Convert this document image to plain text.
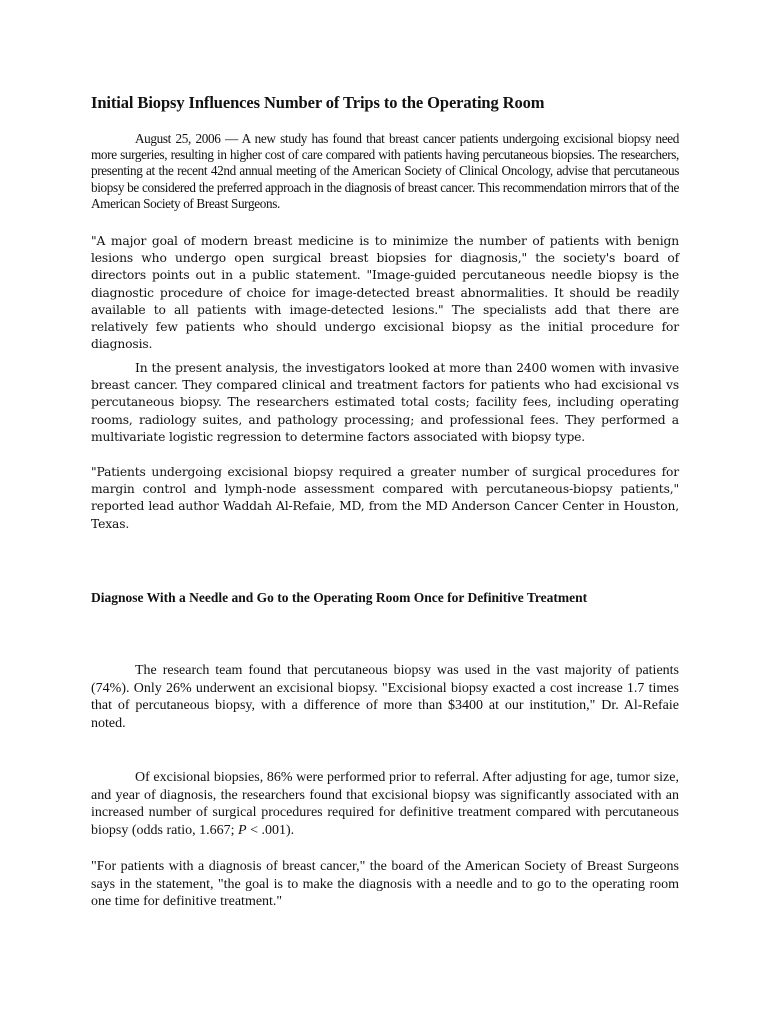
Initial Biopsy Influences Number of Trips to the Operating Room

August 25, 2006 — A new study has found that breast cancer patients undergoing excisional biopsy need more surgeries, resulting in higher cost of care compared with patients having percutaneous biopsies. The researchers, presenting at the recent 42nd annual meeting of the American Society of Clinical Oncology, advise that percutaneous biopsy be considered the preferred approach in the diagnosis of breast cancer. This recommendation mirrors that of the American Society of Breast Surgeons.

"A major goal of modern breast medicine is to minimize the number of patients with benign lesions who undergo open surgical breast biopsies for diagnosis," the society's board of directors points out in a public statement. "Image-guided percutaneous needle biopsy is the diagnostic procedure of choice for image-detected breast abnormalities. It should be readily available to all patients with image-detected lesions." The specialists add that there are relatively few patients who should undergo excisional biopsy as the initial procedure for diagnosis.

In the present analysis, the investigators looked at more than 2400 women with invasive breast cancer. They compared clinical and treatment factors for patients who had excisional vs percutaneous biopsy. The researchers estimated total costs; facility fees, including operating rooms, radiology suites, and pathology processing; and professional fees. They performed a multivariate logistic regression to determine factors associated with biopsy type.

"Patients undergoing excisional biopsy required a greater number of surgical procedures for margin control and lymph-node assessment compared with percutaneous-biopsy patients," reported lead author Waddah Al-Refaie, MD, from the MD Anderson Cancer Center in Houston, Texas.

Diagnose With a Needle and Go to the Operating Room Once for Definitive Treatment

The research team found that percutaneous biopsy was used in the vast majority of patients (74%). Only 26% underwent an excisional biopsy. "Excisional biopsy exacted a cost increase 1.7 times that of percutaneous biopsy, with a difference of more than $3400 at our institution," Dr. Al-Refaie noted.

Of excisional biopsies, 86% were performed prior to referral. After adjusting for age, tumor size, and year of diagnosis, the researchers found that excisional biopsy was significantly associated with an increased number of surgical procedures required for definitive treatment compared with percutaneous biopsy (odds ratio, 1.667; P < .001).

"For patients with a diagnosis of breast cancer," the board of the American Society of Breast Surgeons says in the statement, "the goal is to make the diagnosis with a needle and to go to the operating room one time for definitive treatment."
